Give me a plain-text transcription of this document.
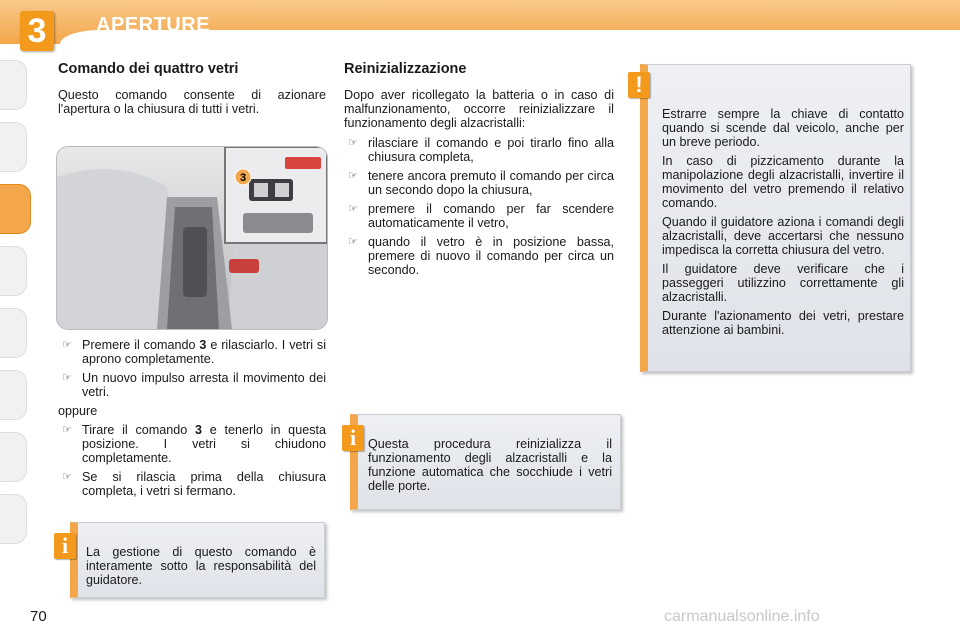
3	APERTURE
Comando dei quattro vetri

Questo comando consente di azionare l'apertura o la chiusura di tutti i vetri.

3
☞ Premere il comando 3 e rilasciarlo. I vetri si aprono completamente.
☞ Un nuovo impulso arresta il movimento dei vetri.

oppure

☞ Tirare il comando 3 e tenerlo in questa posizione. I vetri si chiudono completamente.
☞ Se si rilascia prima della chiusura completa, i vetri si fermano.

La gestione di questo comando è interamente sotto la responsabilità del guidatore.

i
Reinizializzazione

Dopo aver ricollegato la batteria o in caso di malfunzionamento, occorre reinizializzare il funzionamento degli alzacristalli:

☞ rilasciare il comando e poi tirarlo fino alla chiusura completa,
☞ tenere ancora premuto il comando per circa un secondo dopo la chiusura,
☞ premere il comando per far scendere automaticamente il vetro,
☞ quando il vetro è in posizione bassa, premere di nuovo il comando per circa un secondo.

Questa procedura reinizializza il funzionamento degli alzacristalli e la funzione automatica che socchiude i vetri delle porte.

i

Estrarre sempre la chiave di contatto quando si scende dal veicolo, anche per un breve periodo.

In caso di pizzicamento durante la manipolazione degli alzacristalli, invertire il movimento del vetro premendo il relativo comando.

Quando il guidatore aziona i comandi degli alzacristalli, deve accertarsi che nessuno impedisca la corretta chiusura del vetro.

Il guidatore deve verificare che i passeggeri utilizzino correttamente gli alzacristalli.

Durante l'azionamento dei vetri, prestare attenzione ai bambini.

!
70	carmanualsonline.info
